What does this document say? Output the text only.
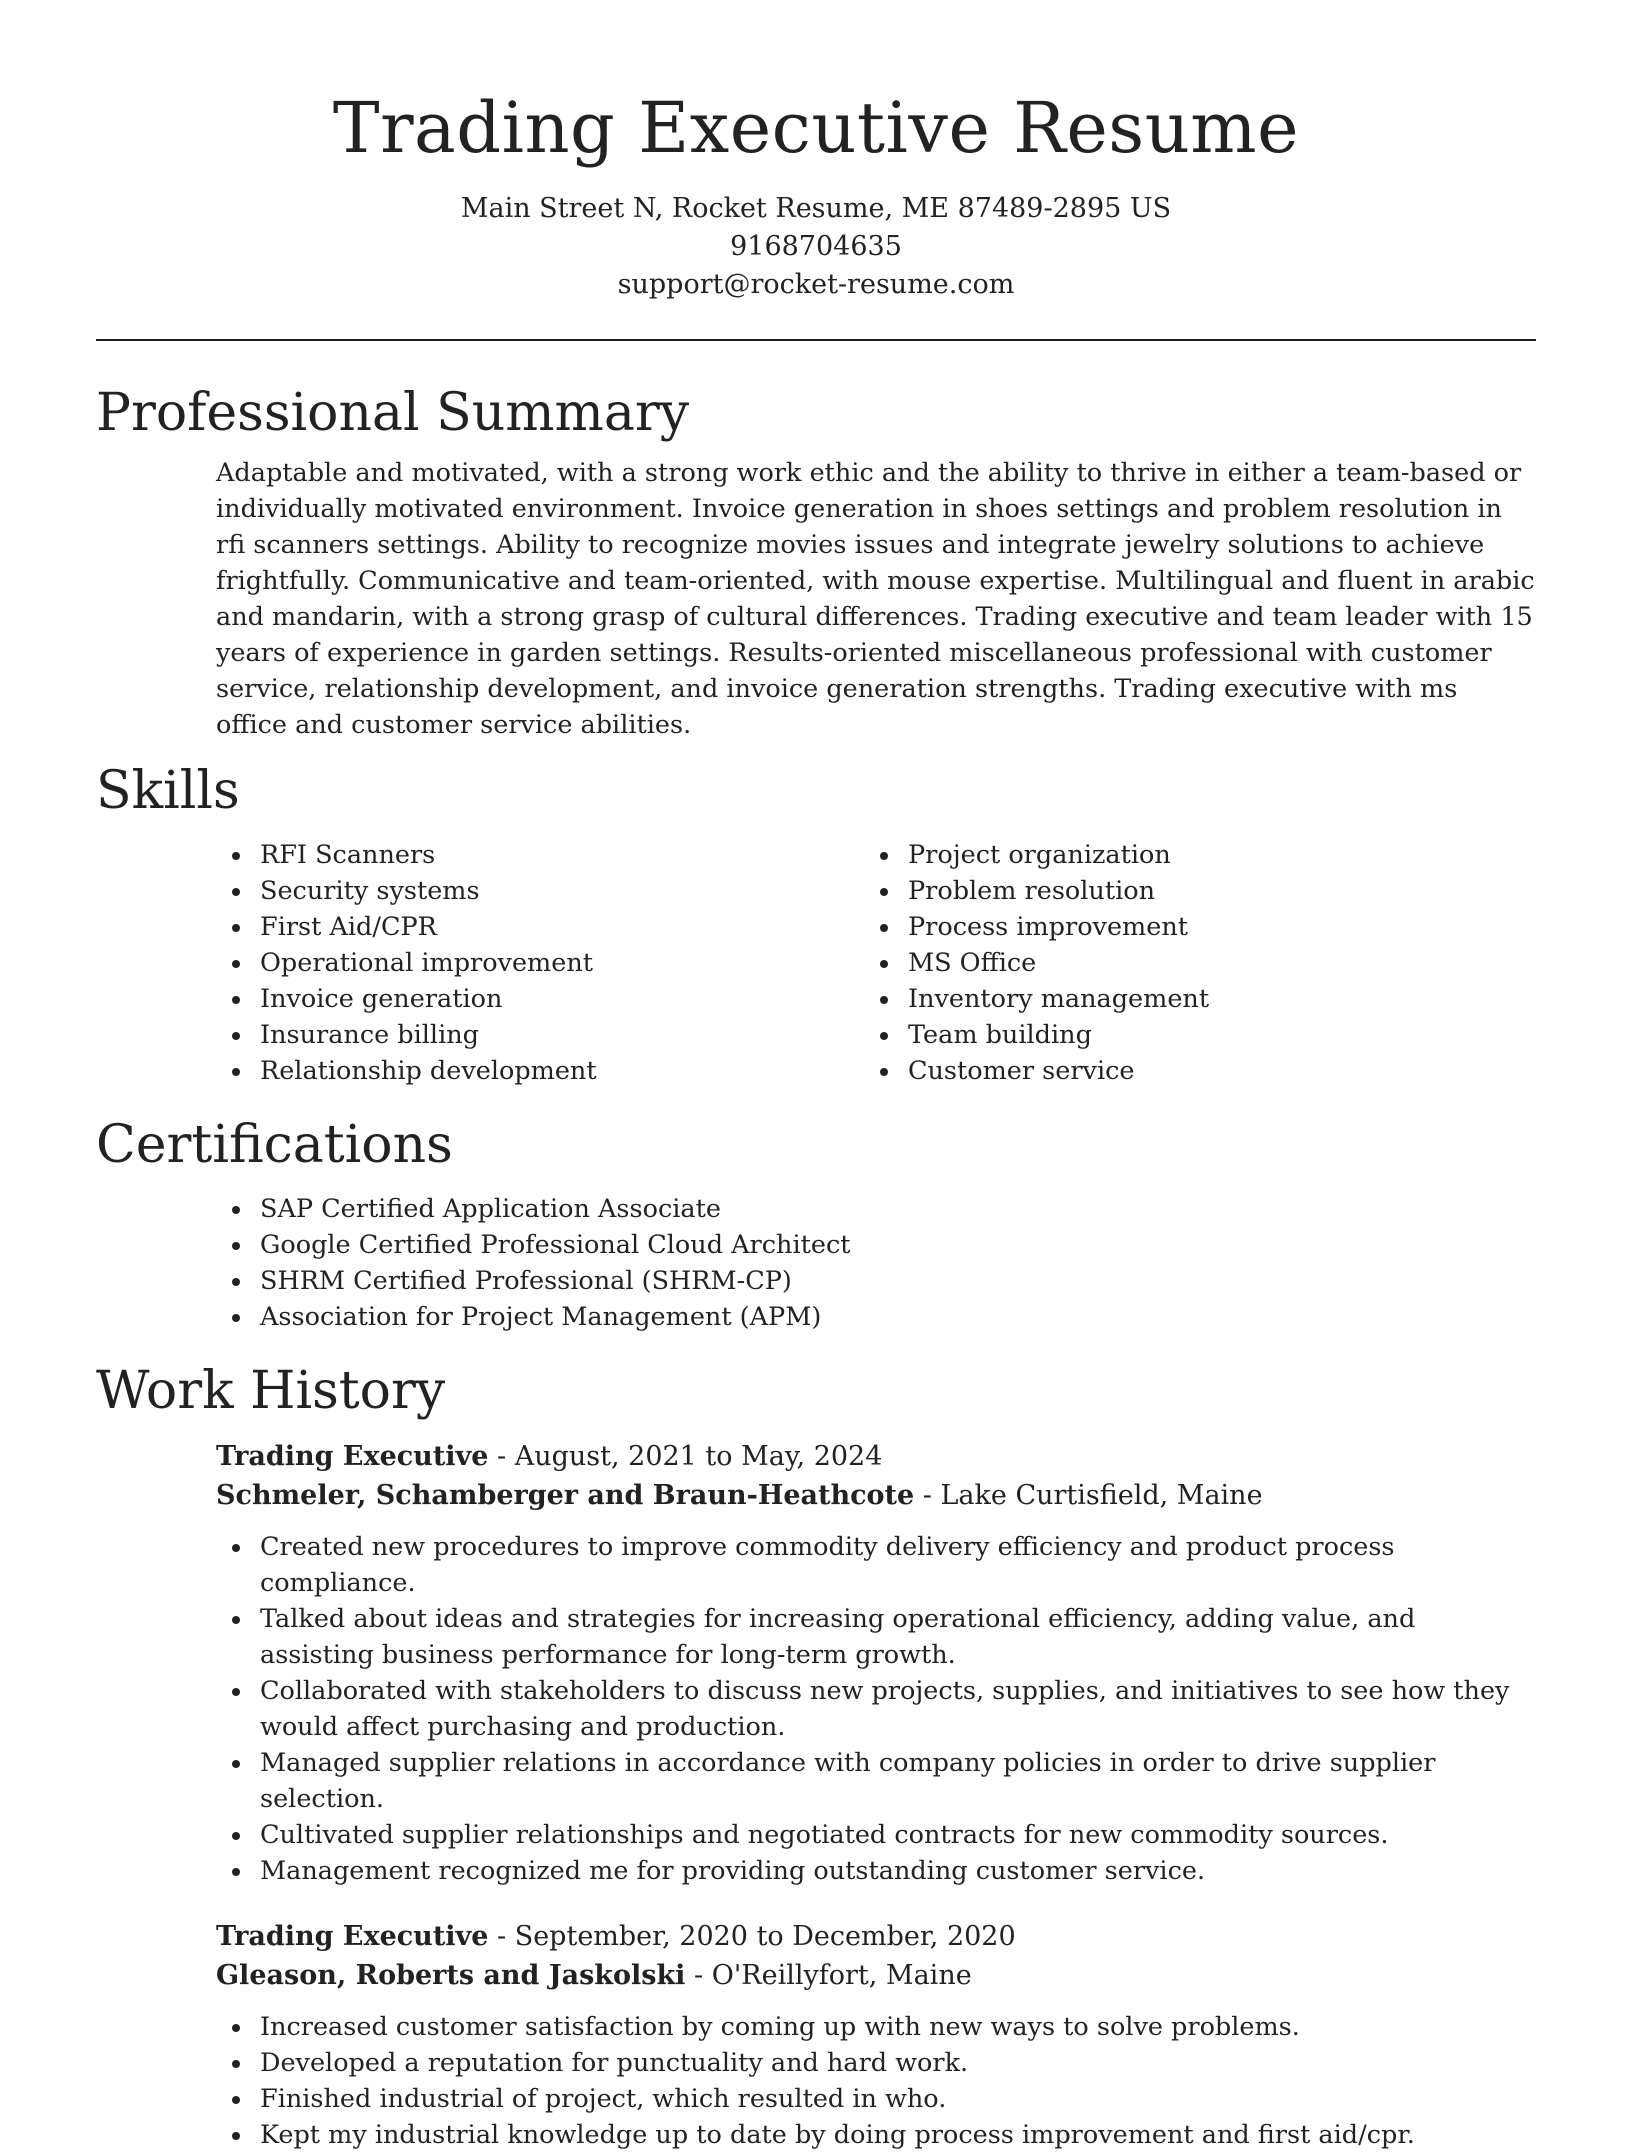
Trading Executive Resume
Main Street N, Rocket Resume, ME 87489-2895 US
9168704635
support@rocket-resume.com
Professional Summary

Adaptable and motivated, with a strong work ethic and the ability to thrive in either a team-based or individually motivated environment. Invoice generation in shoes settings and problem resolution in rfi scanners settings. Ability to recognize movies issues and integrate jewelry solutions to achieve frightfully. Communicative and team-oriented, with mouse expertise. Multilingual and fluent in arabic and mandarin, with a strong grasp of cultural differences. Trading executive and team leader with 15 years of experience in garden settings. Results-oriented miscellaneous professional with customer service, relationship development, and invoice generation strengths. Trading executive with ms office and customer service abilities.

Skills
RFI Scanners
Security systems
First Aid/CPR
Operational improvement
Invoice generation
Insurance billing
Relationship development
Project organization
Problem resolution
Process improvement
MS Office
Inventory management
Team building
Customer service
Certifications
SAP Certified Application Associate
Google Certified Professional Cloud Architect
SHRM Certified Professional (SHRM-CP)
Association for Project Management (APM)
Work History
Trading Executive - August, 2021 to May, 2024
Schmeler, Schamberger and Braun-Heathcote - Lake Curtisfield, Maine
Created new procedures to improve commodity delivery efficiency and product process compliance.
Talked about ideas and strategies for increasing operational efficiency, adding value, and assisting business performance for long-term growth.
Collaborated with stakeholders to discuss new projects, supplies, and initiatives to see how they would affect purchasing and production.
Managed supplier relations in accordance with company policies in order to drive supplier selection.
Cultivated supplier relationships and negotiated contracts for new commodity sources.
Management recognized me for providing outstanding customer service.
Trading Executive - September, 2020 to December, 2020
Gleason, Roberts and Jaskolski - O'Reillyfort, Maine
Increased customer satisfaction by coming up with new ways to solve problems.
Developed a reputation for punctuality and hard work.
Finished industrial of project, which resulted in who.
Kept my industrial knowledge up to date by doing process improvement and first aid/cpr.
